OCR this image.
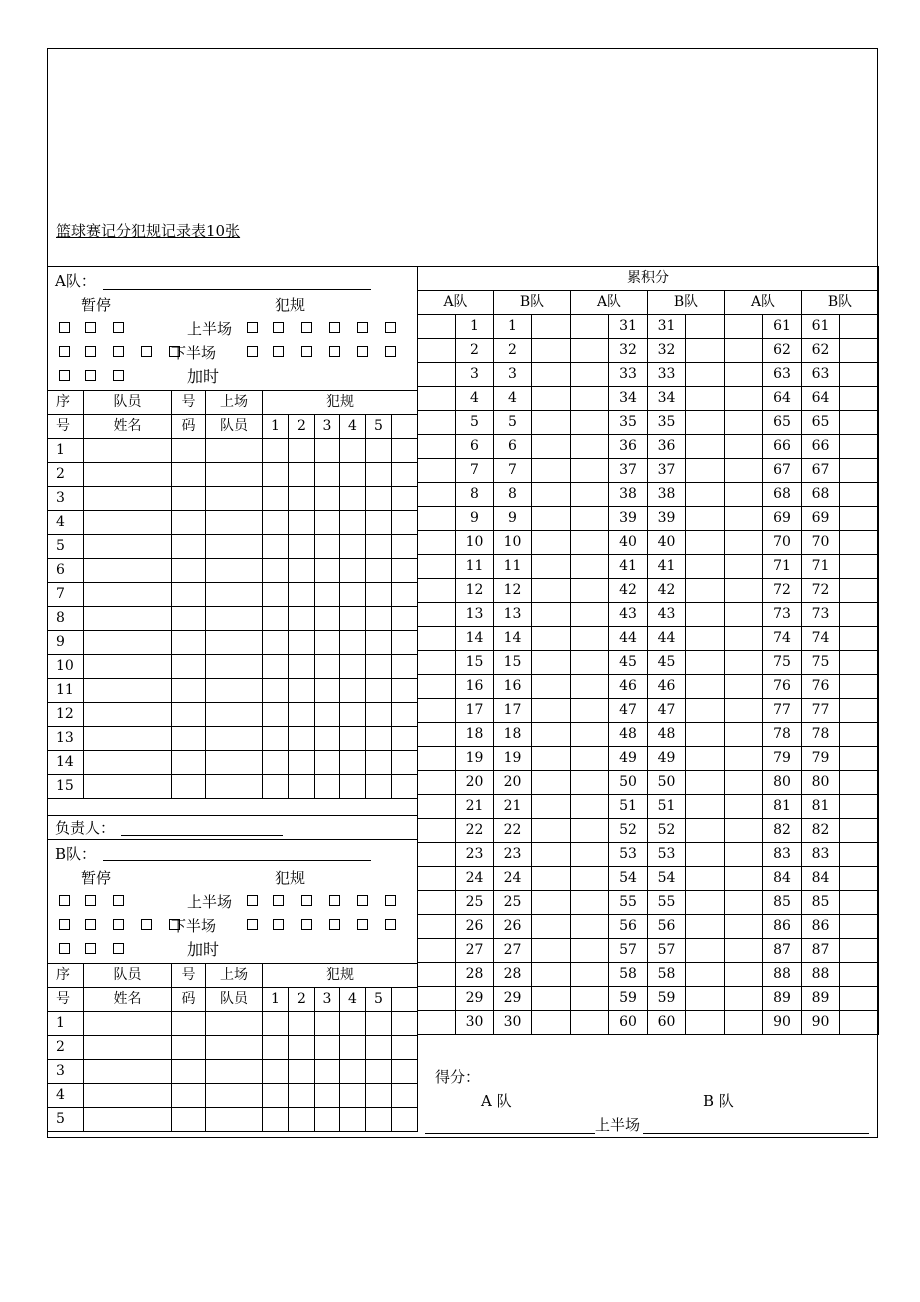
篮球赛记分犯规记录表10张
A队：
暂停	犯规
上半场
下半场
加时
序	队员	号	上场	犯规					
号	姓名	码	队员	1	2	3	4	5	
1									
2									
3									
4									
5									
6									
7									
8									
9									
10									
11									
12									
13									
14									
15									
负责人：
B队：
暂停	犯规
上半场
下半场
加时
序	队员	号	上场	犯规					
号	姓名	码	队员	1	2	3	4	5	
1									
2									
3									
4									
5									
累积分											
A队		B队		A队		B队		A队		B队	
	1	1			31	31			61	61	
	2	2			32	32			62	62	
	3	3			33	33			63	63	
	4	4			34	34			64	64	
	5	5			35	35			65	65	
	6	6			36	36			66	66	
	7	7			37	37			67	67	
	8	8			38	38			68	68	
	9	9			39	39			69	69	
	10	10			40	40			70	70	
	11	11			41	41			71	71	
	12	12			42	42			72	72	
	13	13			43	43			73	73	
	14	14			44	44			74	74	
	15	15			45	45			75	75	
	16	16			46	46			76	76	
	17	17			47	47			77	77	
	18	18			48	48			78	78	
	19	19			49	49			79	79	
	20	20			50	50			80	80	
	21	21			51	51			81	81	
	22	22			52	52			82	82	
	23	23			53	53			83	83	
	24	24			54	54			84	84	
	25	25			55	55			85	85	
	26	26			56	56			86	86	
	27	27			57	57			87	87	
	28	28			58	58			88	88	
	29	29			59	59			89	89	
	30	30			60	60			90	90	
得分：
A 队	B 队
上半场
